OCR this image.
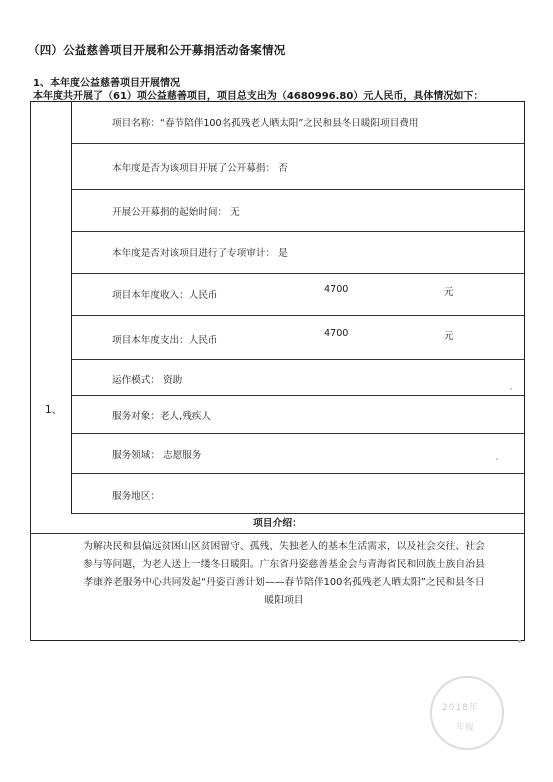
（四）公益慈善项目开展和公开募捐活动备案情况
1、本年度公益慈善项目开展情况
本年度共开展了（61）项公益慈善项目，项目总支出为（4680996.80）元人民币，具体情况如下：
1、
项目名称：“春节陪伴100名孤残老人晒太阳”之民和县冬日暖阳项目费用
本年度是否为该项目开展了公开募捐： 否
开展公开募捐的起始时间： 无
本年度是否对该项目进行了专项审计： 是
项目本年度收入：人民币
4700	元
项目本年度支出：人民币
4700	元
运作模式： 资助
服务对象：老人,残疾人
服务领域： 志愿服务
服务地区：
项目介绍：
为解决民和县偏远贫困山区贫困留守、孤残、失独老人的基本生活需求，以及社会交往、社会参与等问题，为老人送上一缕冬日暖阳。广东省丹姿慈善基金会与青海省民和回族土族自治县孝康养老服务中心共同发起“丹姿百善计划——春节陪伴100名孤残老人晒太阳”之民和县冬日暖阳项目
2018年
年报
